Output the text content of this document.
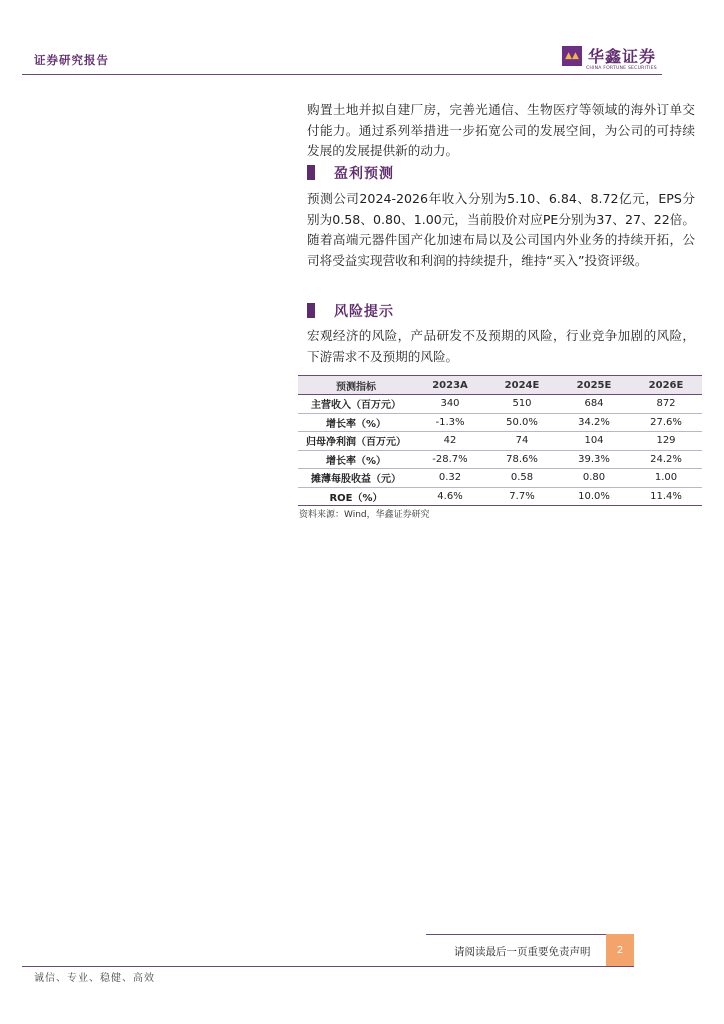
证券研究报告	▲▲ 华鑫证券
CHINA FORTUNE SECURITIES

购置土地并拟自建厂房，完善光通信、生物医疗等领域的海外订单交付能力。通过系列举措进一步拓宽公司的发展空间，为公司的可持续发展的发展提供新的动力。

盈利预测

预测公司2024-2026年收入分别为5.10、6.84、8.72亿元，EPS分别为0.58、0.80、1.00元，当前股价对应PE分别为37、27、22倍。随着高端元器件国产化加速布局以及公司国内外业务的持续开拓，公司将受益实现营收和利润的持续提升，维持“买入”投资评级。

风险提示

宏观经济的风险，产品研发不及预期的风险，行业竞争加剧的风险，下游需求不及预期的风险。

预测指标	2023A	2024E	2025E	2026E
主营收入（百万元）	340	510	684	872
增长率（%）	-1.3%	50.0%	34.2%	27.6%
归母净利润（百万元）	42	74	104	129
增长率（%）	-28.7%	78.6%	39.3%	24.2%
摊薄每股收益（元）	0.32	0.58	0.80	1.00
ROE（%）	4.6%	7.7%	10.0%	11.4%
资料来源：Wind，华鑫证券研究
请阅读最后一页重要免责声明	2
诚信、专业、稳健、高效
